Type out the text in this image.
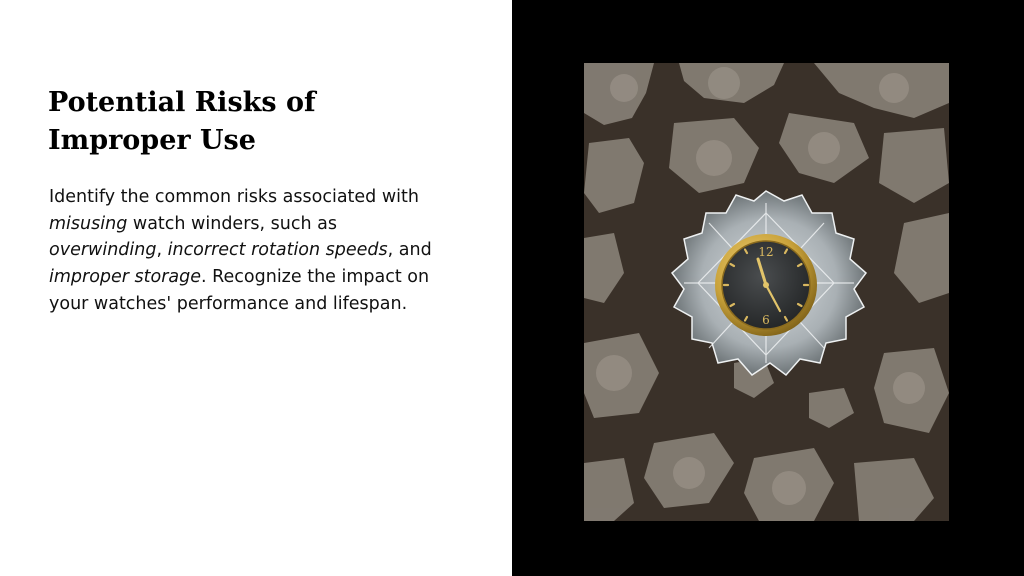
Potential Risks of
Improper Use

Identify the common risks associated with misusing watch winders, such as overwinding, incorrect rotation speeds, and improper storage. Recognize the impact on your watches' performance and lifespan.

12
6
